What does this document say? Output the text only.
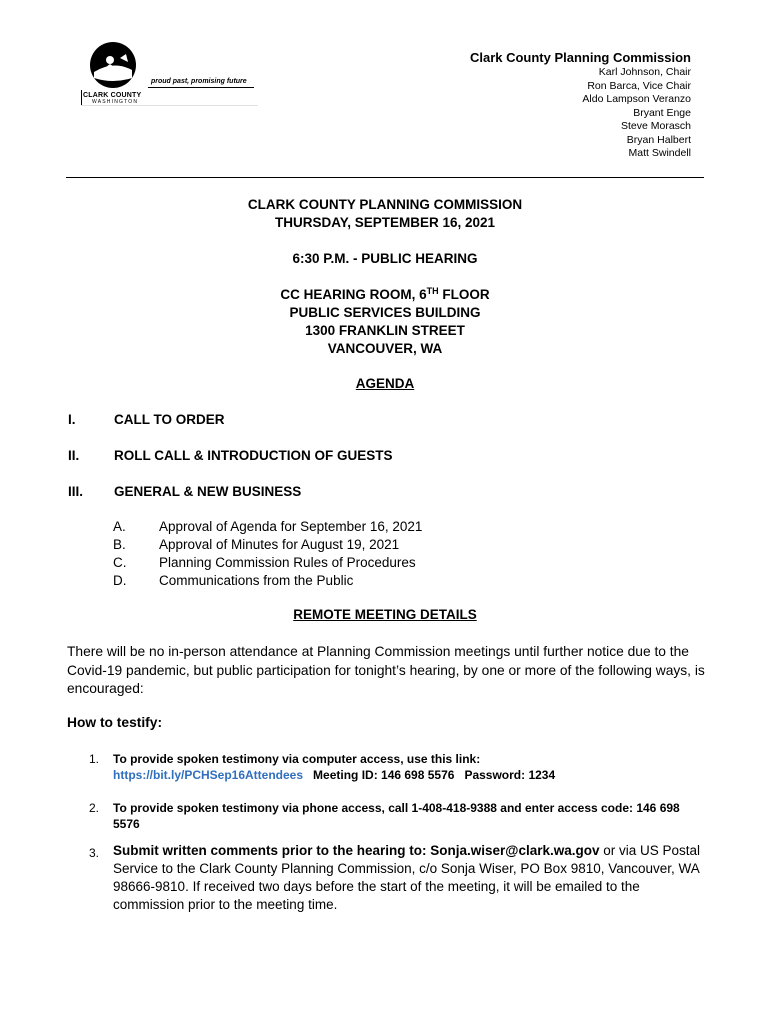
proud past, promising future
CLARK COUNTY
WASHINGTON
Clark County Planning Commission
Karl Johnson, Chair
Ron Barca, Vice Chair
Aldo Lampson Veranzo
Bryant Enge
Steve Morasch
Bryan Halbert
Matt Swindell
CLARK COUNTY PLANNING COMMISSION
THURSDAY, SEPTEMBER 16, 2021
6:30 P.M. - PUBLIC HEARING
CC HEARING ROOM, 6TH FLOOR
PUBLIC SERVICES BUILDING
1300 FRANKLIN STREET
VANCOUVER, WA
AGENDA
I.	CALL TO ORDER
II.	ROLL CALL & INTRODUCTION OF GUESTS
III. GENERAL & NEW BUSINESS
A. Approval of Agenda for September 16, 2021
B. Approval of Minutes for August 19, 2021
C. Planning Commission Rules of Procedures
D. Communications from the Public
REMOTE MEETING DETAILS
There will be no in-person attendance at Planning Commission meetings until further notice due to the Covid-19 pandemic, but public participation for tonight’s hearing, by one or more of the following ways, is encouraged:
How to testify:
1. To provide spoken testimony via computer access, use this link:
https://bit.ly/PCHSep16Attendees Meeting ID: 146 698 5576 Password: 1234
2. To provide spoken testimony via phone access, call 1-408-418-9388 and enter access code: 146 698 5576
3. Submit written comments prior to the hearing to: Sonja.wiser@clark.wa.gov or via US Postal Service to the Clark County Planning Commission, c/o Sonja Wiser, PO Box 9810, Vancouver, WA 98666-9810. If received two days before the start of the meeting, it will be emailed to the commission prior to the meeting time.
